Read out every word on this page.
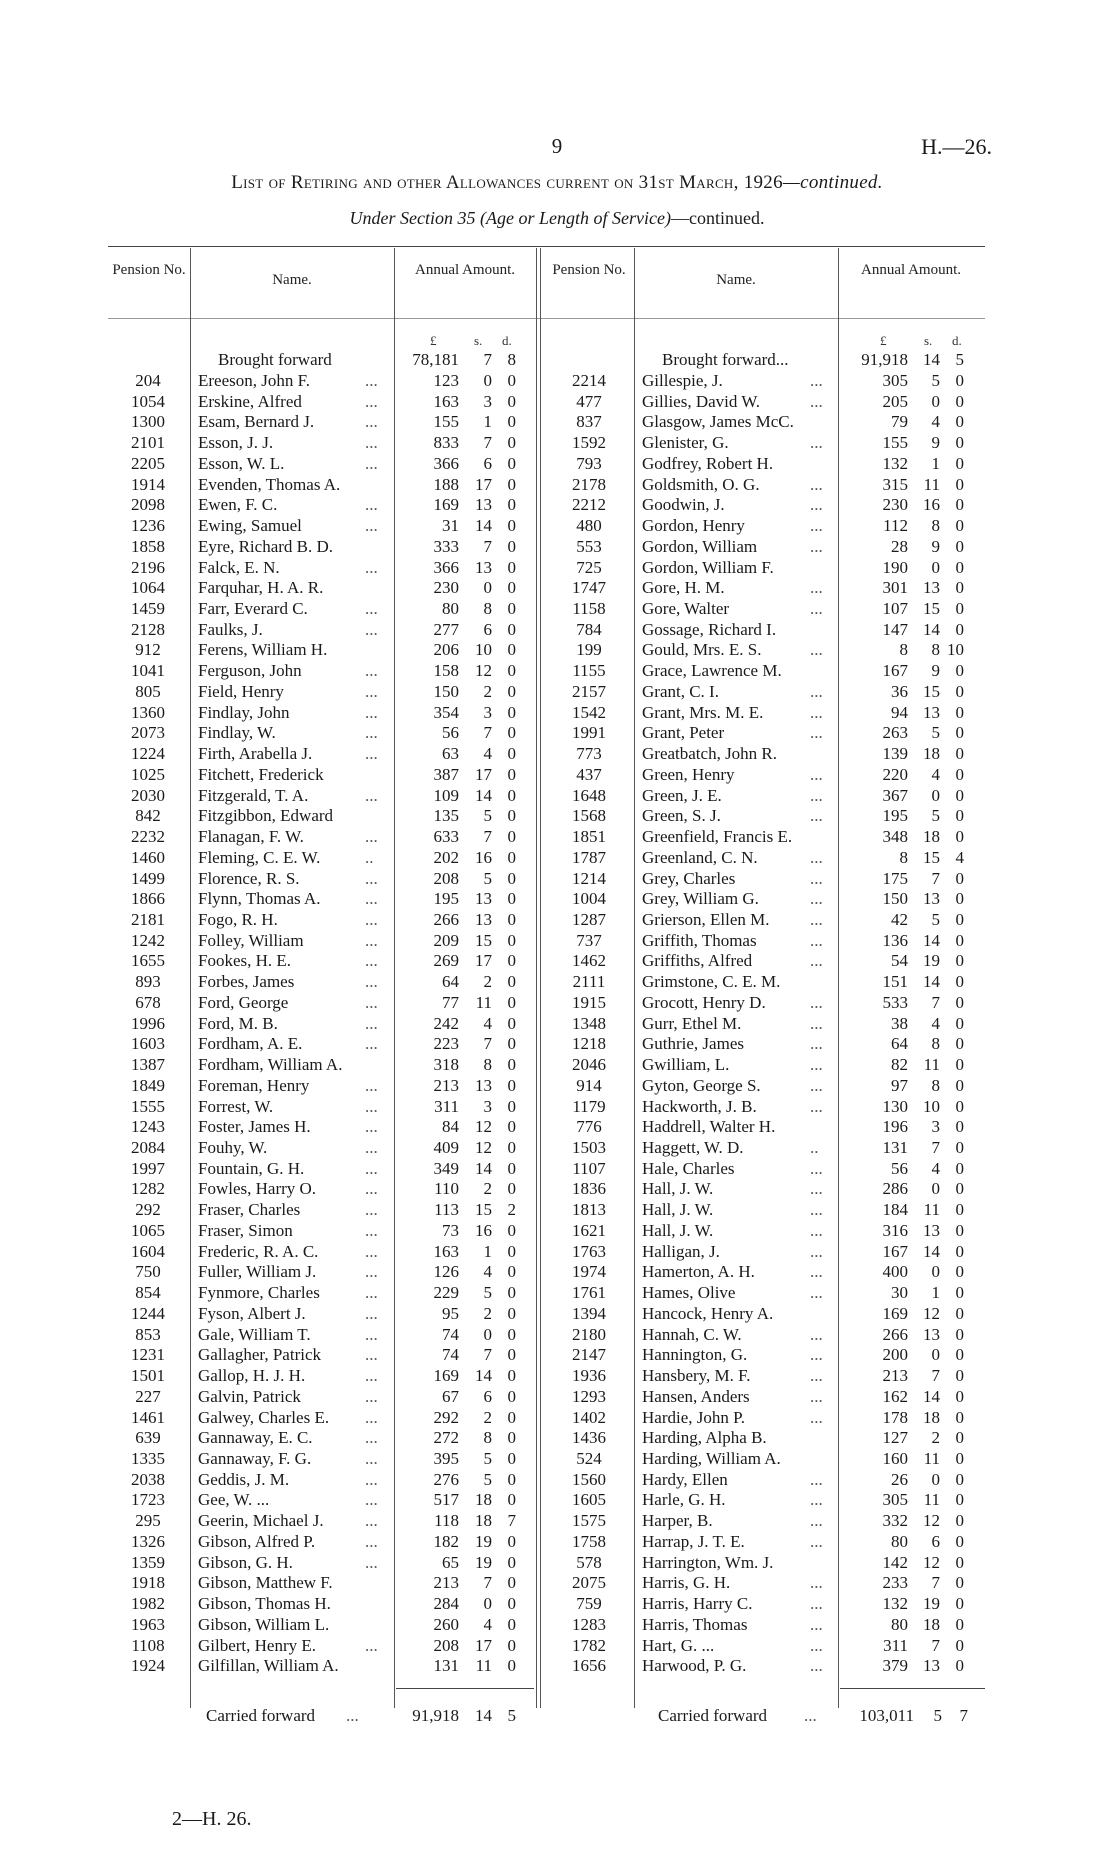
9	H.—26.
List of Retiring and other Allowances current on 31st March, 1926—continued.
Under Section 35 (Age or Length of Service)—continued.
Pension No.
Name.
Annual Amount.	Pension No.
Name.
Annual Amount.
£	s. d.	£	s. d.
Brought forward	78,181	7 8	Brought forward...	91,918 14 5
204	Ereeson, John F.	...	123	0 0
1054	Erskine, Alfred	...	163	3 0
1300	Esam, Bernard J.	...	155	1 0
2101	Esson, J. J.	...	833	7 0
2205	Esson, W. L.	...	366	6 0
1914	Evenden, Thomas A.	188 17 0
2098	Ewen, F. C.	...	169 13 0
1236	Ewing, Samuel	...	31 14 0
1858	Eyre, Richard B. D.	333	7 0
2196	Falck, E. N.	...	366 13 0
1064	Farquhar, H. A. R.	230	0 0
1459	Farr, Everard C.	...	80	8 0
2128	Faulks, J.	...	277	6 0
912	Ferens, William H.	206 10 0
1041	Ferguson, John	...	158 12 0
805	Field, Henry	...	150	2 0
1360	Findlay, John	...	354	3 0
2073	Findlay, W.	...	56	7 0
1224	Firth, Arabella J.	...	63	4 0
1025	Fitchett, Frederick	387 17 0
2030	Fitzgerald, T. A.	...	109 14 0
842	Fitzgibbon, Edward	135	5 0
2232	Flanagan, F. W.	...	633	7 0
1460	Fleming, C. E. W.	..	202 16 0
1499	Florence, R. S.	...	208	5 0
1866	Flynn, Thomas A.	...	195 13 0
2181	Fogo, R. H.	...	266 13 0
1242	Folley, William	...	209 15 0
1655	Fookes, H. E.	...	269 17 0
893	Forbes, James	...	64	2 0
678	Ford, George	...	77 11 0
1996	Ford, M. B.	...	242	4 0
1603	Fordham, A. E.	...	223	7 0
1387	Fordham, William A.	318	8 0
1849	Foreman, Henry	...	213 13 0
1555	Forrest, W.	...	311	3 0
1243	Foster, James H.	...	84 12 0
2084	Fouhy, W.	...	409 12 0
1997	Fountain, G. H.	...	349 14 0
1282	Fowles, Harry O.	...	110	2 0
292	Fraser, Charles	...	113 15 2
1065	Fraser, Simon	...	73 16 0
1604	Frederic, R. A. C.	...	163	1 0
750	Fuller, William J.	...	126	4 0
854	Fynmore, Charles	...	229	5 0
1244	Fyson, Albert J.	...	95	2 0
853	Gale, William T.	...	74	0 0
1231	Gallagher, Patrick	...	74	7 0
1501	Gallop, H. J. H.	...	169 14 0
227	Galvin, Patrick	...	67	6 0
1461	Galwey, Charles E. ...	292	2 0
639	Gannaway, E. C.	...	272	8 0
1335	Gannaway, F. G.	...	395	5 0
2038	Geddis, J. M.	...	276	5 0
1723	Gee, W. ...	...	517 18 0
295	Geerin, Michael J. ...	118 18 7
1326	Gibson, Alfred P.	...	182 19 0
1359	Gibson, G. H.	...	65 19 0
1918	Gibson, Matthew F.	213	7 0
1982	Gibson, Thomas H.	284	0 0
1963	Gibson, William L.	260	4 0
1108	Gilbert, Henry E.	...	208 17 0
1924	Gilfillan, William A.	131 11 0
2214	Gillespie, J.	...	305	5 0
477	Gillies, David W.	...	205	0 0
837	Glasgow, James McC.	79	4 0
1592	Glenister, G.	...	155	9 0
793	Godfrey, Robert H.	132	1 0
2178	Goldsmith, O. G.	...	315 11 0
2212	Goodwin, J.	...	230 16 0
480	Gordon, Henry	...	112	8 0
553	Gordon, William	...	28	9 0
725	Gordon, William F.	190	0 0
1747	Gore, H. M.	...	301 13 0
1158	Gore, Walter	...	107 15 0
784	Gossage, Richard I.	147 14 0
199	Gould, Mrs. E. S.	...	8	8 10
1155	Grace, Lawrence M.	167	9 0
2157	Grant, C. I.	...	36 15 0
1542	Grant, Mrs. M. E.	...	94 13 0
1991	Grant, Peter	...	263	5 0
773	Greatbatch, John R.	139 18 0
437	Green, Henry	...	220	4 0
1648	Green, J. E.	...	367	0 0
1568	Green, S. J.	...	195	5 0
1851	Greenfield, Francis E.	348 18 0
1787	Greenland, C. N.	...	8 15 4
1214	Grey, Charles	...	175	7 0
1004	Grey, William G.	...	150 13 0
1287	Grierson, Ellen M. ...	42	5 0
737	Griffith, Thomas	...	136 14 0
1462	Griffiths, Alfred	...	54 19 0
2111	Grimstone, C. E. M.	151 14 0
1915	Grocott, Henry D.	...	533	7 0
1348	Gurr, Ethel M.	...	38	4 0
1218	Guthrie, James	...	64	8 0
2046	Gwilliam, L.	...	82 11 0
914	Gyton, George S.	...	97	8 0
1179	Hackworth, J. B.	...	130 10 0
776	Haddrell, Walter H.	196	3 0
1503	Haggett, W. D.	..	131	7 0
1107	Hale, Charles	...	56	4 0
1836	Hall, J. W.	...	286	0 0
1813	Hall, J. W.	...	184 11 0
1621	Hall, J. W.	...	316 13 0
1763	Halligan, J.	...	167 14 0
1974	Hamerton, A. H.	...	400	0 0
1761	Hames, Olive	...	30	1 0
1394	Hancock, Henry A.	169 12 0
2180	Hannah, C. W.	...	266 13 0
2147	Hannington, G.	...	200	0 0
1936	Hansbery, M. F.	...	213	7 0
1293	Hansen, Anders	...	162 14 0
1402	Hardie, John P.	...	178 18 0
1436	Harding, Alpha B.	127	2 0
524	Harding, William A.	160 11 0
1560	Hardy, Ellen	...	26	0 0
1605	Harle, G. H.	...	305 11 0
1575	Harper, B.	...	332 12 0
1758	Harrap, J. T. E.	...	80	6 0
578	Harrington, Wm. J.	142 12 0
2075	Harris, G. H.	...	233	7 0
759	Harris, Harry C.	...	132 19 0
1283	Harris, Thomas	...	80 18 0
1782	Hart, G. ...	...	311	7 0
1656	Harwood, P. G.	...	379 13 0
Carried forward ...	91,918 14 5	Carried forward ...	103,011	5	7
2—H. 26.
